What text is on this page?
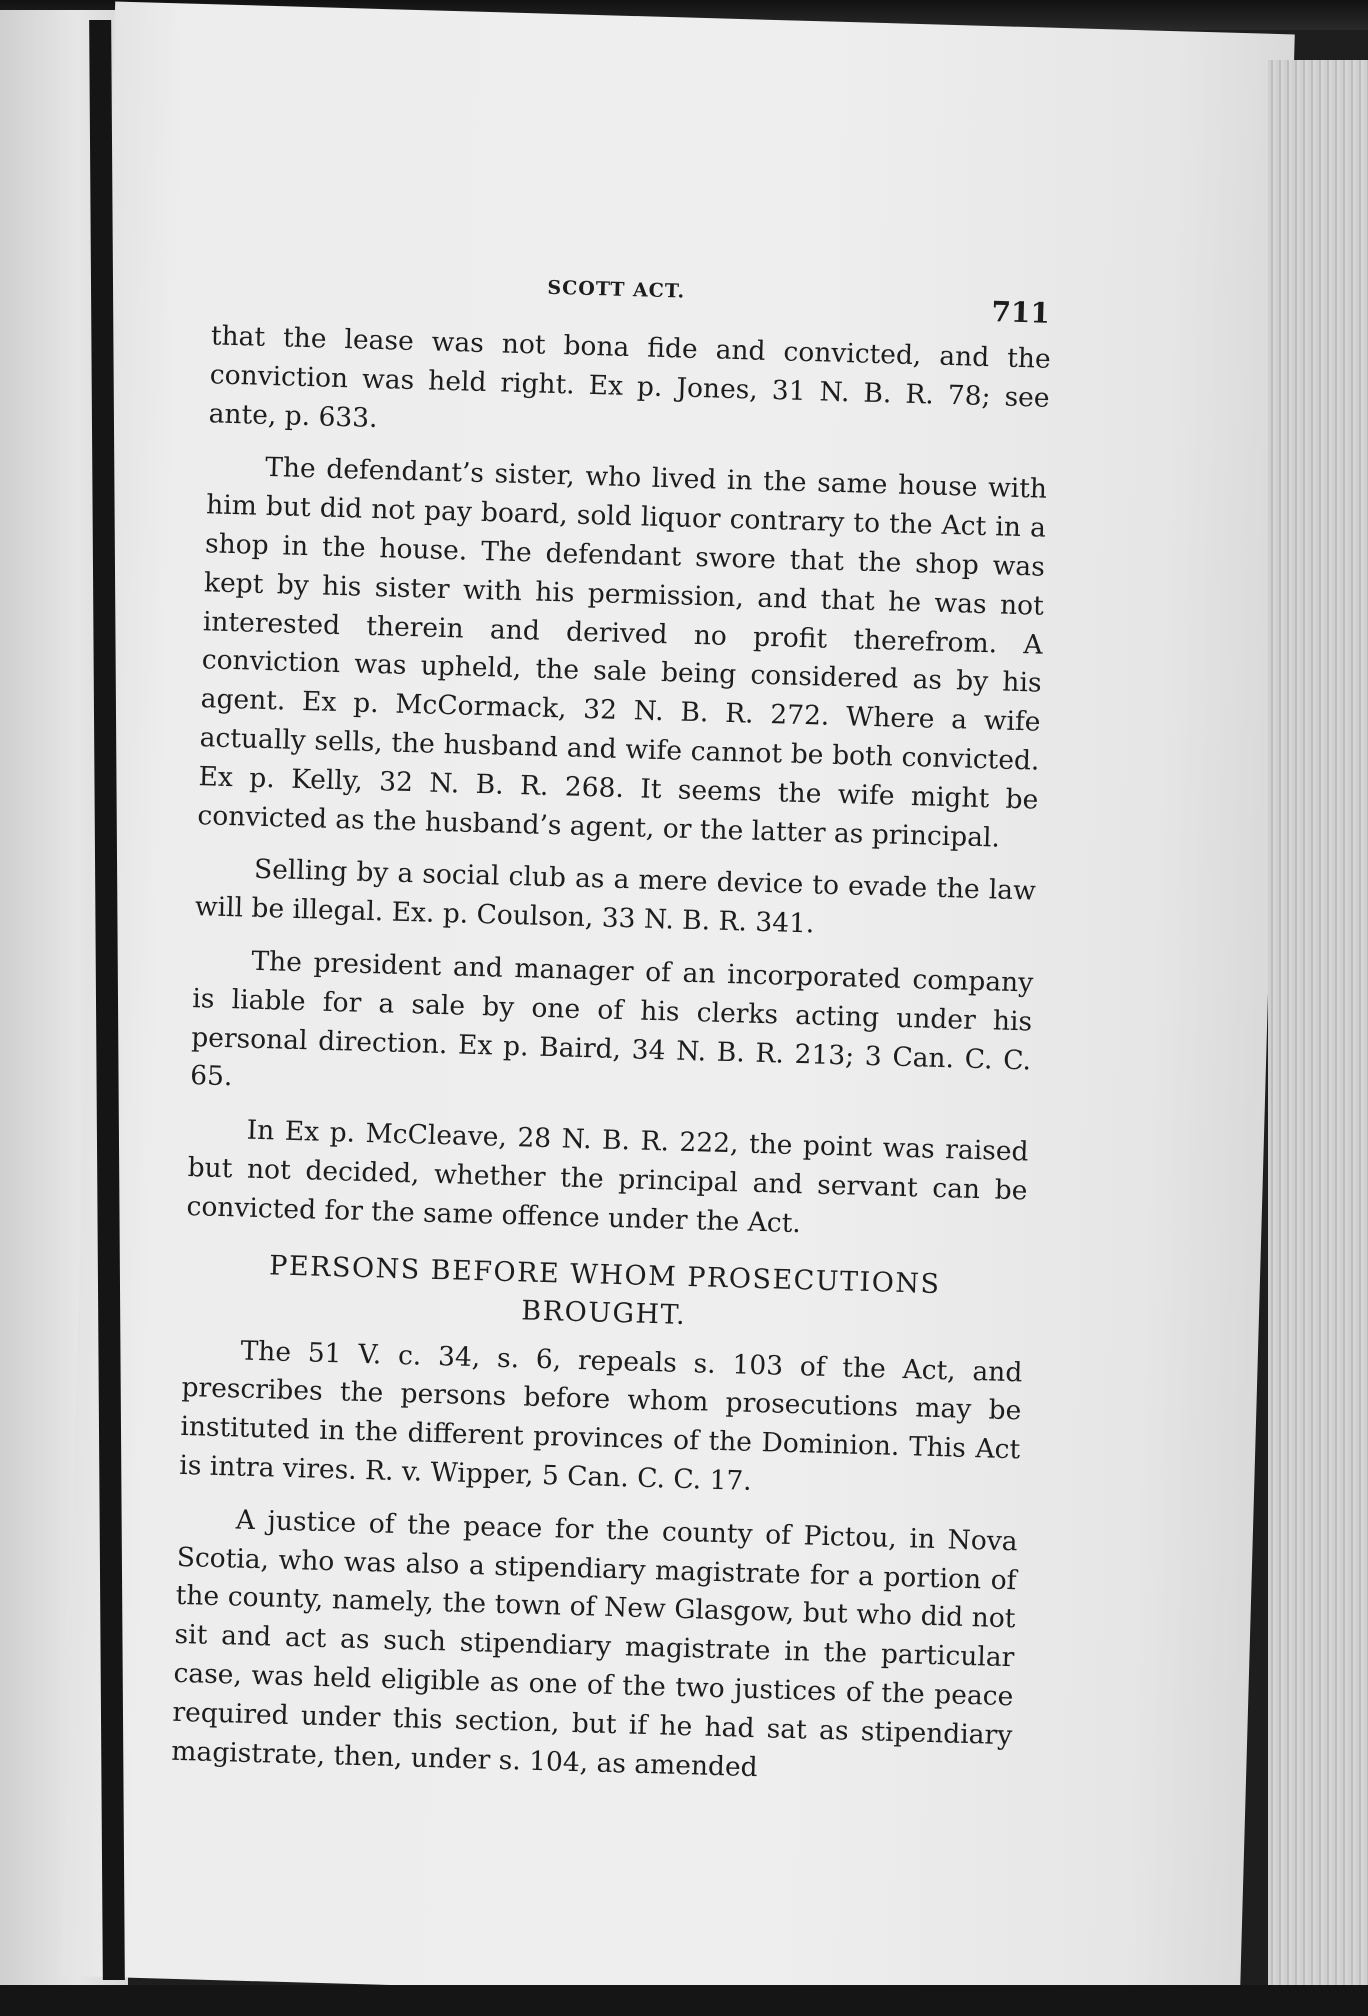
SCOTT ACT.
711

that the lease was not bona fide and convicted, and the conviction was held right. Ex p. Jones, 31 N. B. R. 78; see ante, p. 633.

The defendant’s sister, who lived in the same house with him but did not pay board, sold liquor contrary to the Act in a shop in the house. The defendant swore that the shop was kept by his sister with his permission, and that he was not interested therein and derived no profit therefrom. A conviction was upheld, the sale being considered as by his agent. Ex p. McCormack, 32 N. B. R. 272. Where a wife actually sells, the husband and wife cannot be both convicted. Ex p. Kelly, 32 N. B. R. 268. It seems the wife might be convicted as the husband’s agent, or the latter as principal.

Selling by a social club as a mere device to evade the law will be illegal. Ex. p. Coulson, 33 N. B. R. 341.

The president and manager of an incorporated company is liable for a sale by one of his clerks acting under his personal direction. Ex p. Baird, 34 N. B. R. 213; 3 Can. C. C. 65.

In Ex p. McCleave, 28 N. B. R. 222, the point was raised but not decided, whether the principal and servant can be convicted for the same offence under the Act.

PERSONS BEFORE WHOM PROSECUTIONS BROUGHT.

The 51 V. c. 34, s. 6, repeals s. 103 of the Act, and prescribes the persons before whom prosecutions may be instituted in the different provinces of the Dominion. This Act is intra vires. R. v. Wipper, 5 Can. C. C. 17.

A justice of the peace for the county of Pictou, in Nova Scotia, who was also a stipendiary magistrate for a portion of the county, namely, the town of New Glasgow, but who did not sit and act as such stipendiary magistrate in the particular case, was held eligible as one of the two justices of the peace required under this section, but if he had sat as stipendiary magistrate, then, under s. 104, as amended
